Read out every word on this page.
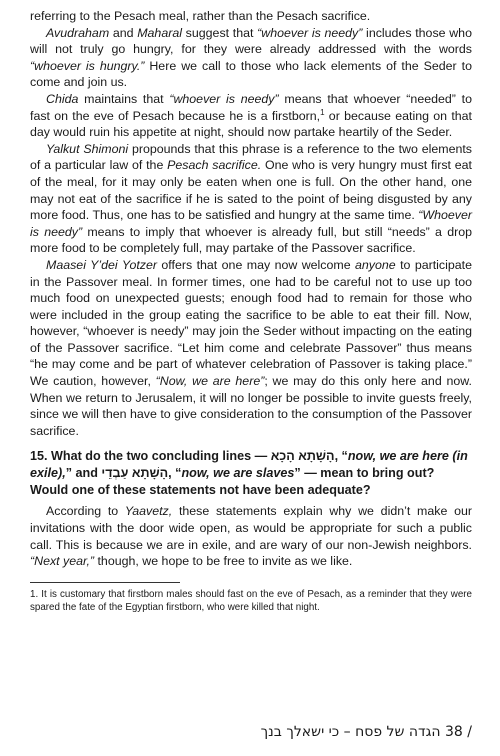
referring to the Pesach meal, rather than the Pesach sacrifice.

Avudraham and Maharal suggest that “whoever is needy” includes those who will not truly go hungry, for they were already addressed with the words “whoever is hungry.” Here we call to those who lack elements of the Seder to come and join us.

Chida maintains that “whoever is needy” means that whoever “needed” to fast on the eve of Pesach because he is a firstborn,$^1$ or because eating on that day would ruin his appetite at night, should now partake heartily of the Seder.

Yalkut Shimoni propounds that this phrase is a reference to the two elements of a particular law of the Pesach sacrifice. One who is very hungry must first eat of the meal, for it may only be eaten when one is full. On the other hand, one may not eat of the sacrifice if he is sated to the point of being disgusted by any more food. Thus, one has to be satisfied and hungry at the same time. “Whoever is needy” means to imply that whoever is already full, but still “needs” a drop more food to be completely full, may partake of the Passover sacrifice.

Maasei Y’dei Yotzer offers that one may now welcome anyone to participate in the Passover meal. In former times, one had to be careful not to use up too much food on unexpected guests; enough food had to remain for those who were included in the group eating the sacrifice to be able to eat their fill. Now, however, “whoever is needy” may join the Seder without impacting on the eating of the Passover sacrifice. “Let him come and celebrate Passover” thus means “he may come and be part of whatever celebration of Passover is taking place.” We caution, however, “Now, we are here”; we may do this only here and now. When we return to Jerusalem, it will no longer be possible to invite guests freely, since we will then have to give consideration to the consumption of the Passover sacrifice.

15. What do the two concluding lines — הָשָׁתָא הָכָא, “now, we are here (in exile),” and הָשָׁתָא עַבְדֵי, “now, we are slaves” — mean to bring out? Would one of these statements not have been adequate?

According to Yaavetz, these statements explain why we didn’t make our invitations with the door wide open, as would be appropriate for such a public call. This is because we are in exile, and are wary of our non-Jewish neighbors. “Next year,” though, we hope to be free to invite as we like.

1. It is customary that firstborn males should fast on the eve of Pesach, as a reminder that they were spared the fate of the Egyptian firstborn, who were killed that night.

הגדה של פסח – כי ישאלך בנך 38 /
